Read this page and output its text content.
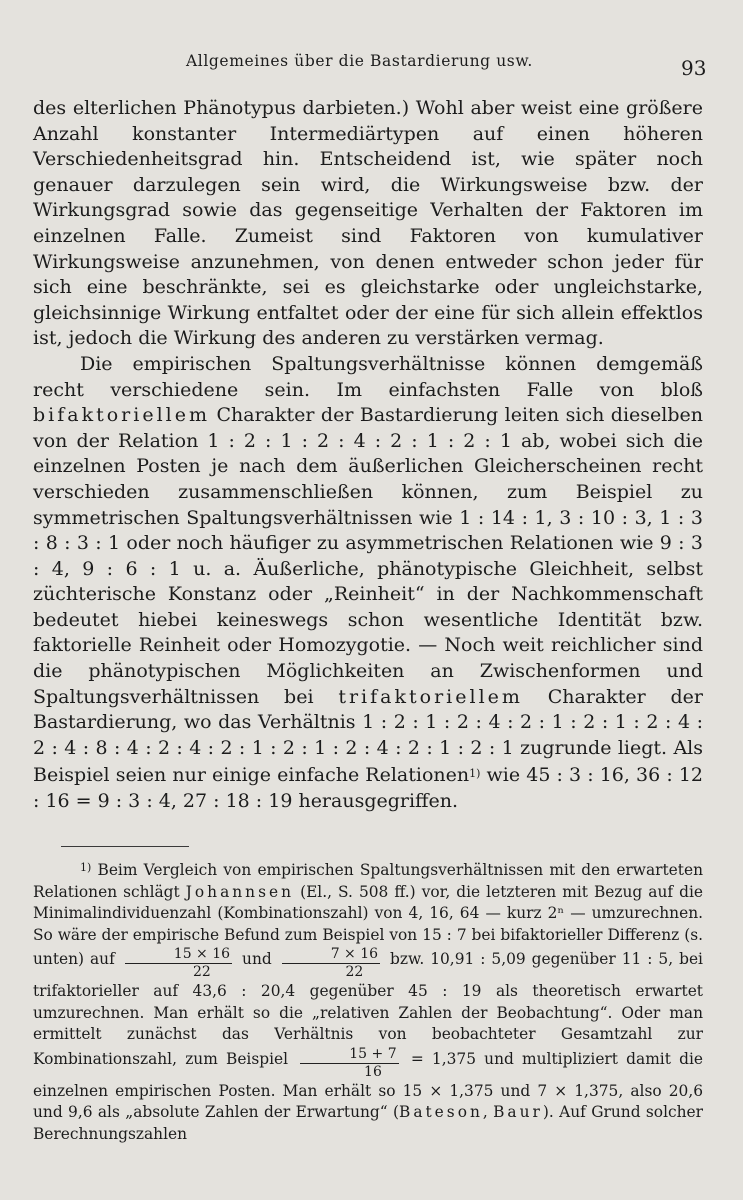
Allgemeines über die Bastardierung usw.	93

des elterlichen Phänotypus darbieten.) Wohl aber weist eine größere Anzahl konstanter Intermediärtypen auf einen höheren Verschiedenheitsgrad hin. Entscheidend ist, wie später noch genauer darzulegen sein wird, die Wirkungsweise bzw. der Wirkungsgrad sowie das gegenseitige Verhalten der Faktoren im einzelnen Falle. Zumeist sind Faktoren von kumulativer Wirkungsweise anzunehmen, von denen entweder schon jeder für sich eine beschränkte, sei es gleichstarke oder ungleichstarke, gleichsinnige Wirkung entfaltet oder der eine für sich allein effektlos ist, jedoch die Wirkung des anderen zu verstärken vermag.

Die empirischen Spaltungsverhältnisse können demgemäß recht verschiedene sein. Im einfachsten Falle von bloß bifaktoriellem Charakter der Bastardierung leiten sich dieselben von der Relation 1 : 2 : 1 : 2 : 4 : 2 : 1 : 2 : 1 ab, wobei sich die einzelnen Posten je nach dem äußerlichen Gleicherscheinen recht verschieden zusammenschließen können, zum Beispiel zu symmetrischen Spaltungsverhältnissen wie 1 : 14 : 1, 3 : 10 : 3, 1 : 3 : 8 : 3 : 1 oder noch häufiger zu asymmetrischen Relationen wie 9 : 3 : 4, 9 : 6 : 1 u. a. Äußerliche, phänotypische Gleichheit, selbst züchterische Konstanz oder „Reinheit“ in der Nachkommenschaft bedeutet hiebei keineswegs schon wesentliche Identität bzw. faktorielle Reinheit oder Homozygotie. — Noch weit reichlicher sind die phänotypischen Möglichkeiten an Zwischenformen und Spaltungsverhältnissen bei trifaktoriellem Charakter der Bastardierung, wo das Verhältnis 1 : 2 : 1 : 2 : 4 : 2 : 1 : 2 : 1 : 2 : 4 : 2 : 4 : 8 : 4 : 2 : 4 : 2 : 1 : 2 : 1 : 2 : 4 : 2 : 1 : 2 : 1 zugrunde liegt. Als Beispiel seien nur einige einfache Relationen$^{1)}$ wie 45 : 3 : 16, 36 : 12 : 16 = 9 : 3 : 4, 27 : 18 : 19 herausgegriffen.

$^{1)}$ Beim Vergleich von empirischen Spaltungsverhältnissen mit den erwarteten Relationen schlägt Johannsen (El., S. 508 ff.) vor, die letzteren mit Bezug auf die Minimalindividuenzahl (Kombinationszahl) von 4, 16, 64 — kurz 2ⁿ — umzurechnen. So wäre der empirische Befund zum Beispiel von 15 : 7 bei bifaktorieller Differenz (s. unten) auf $\frac{15 \times 16}{22}$ und $\frac{7 \times 16}{22}$ bzw. 10,91 : 5,09 gegenüber 11 : 5, bei trifaktorieller auf 43,6 : 20,4 gegenüber 45 : 19 als theoretisch erwartet umzurechnen. Man erhält so die „relativen Zahlen der Beobachtung“. Oder man ermittelt zunächst das Verhältnis von beobachteter Gesamtzahl zur Kombinationszahl, zum Beispiel $\frac{15 + 7}{16} = 1,375$ und multipliziert damit die einzelnen empirischen Posten. Man erhält so 15 × 1,375 und 7 × 1,375, also 20,6 und 9,6 als „absolute Zahlen der Erwartung“ (Bateson, Baur). Auf Grund solcher Berechnungszahlen
